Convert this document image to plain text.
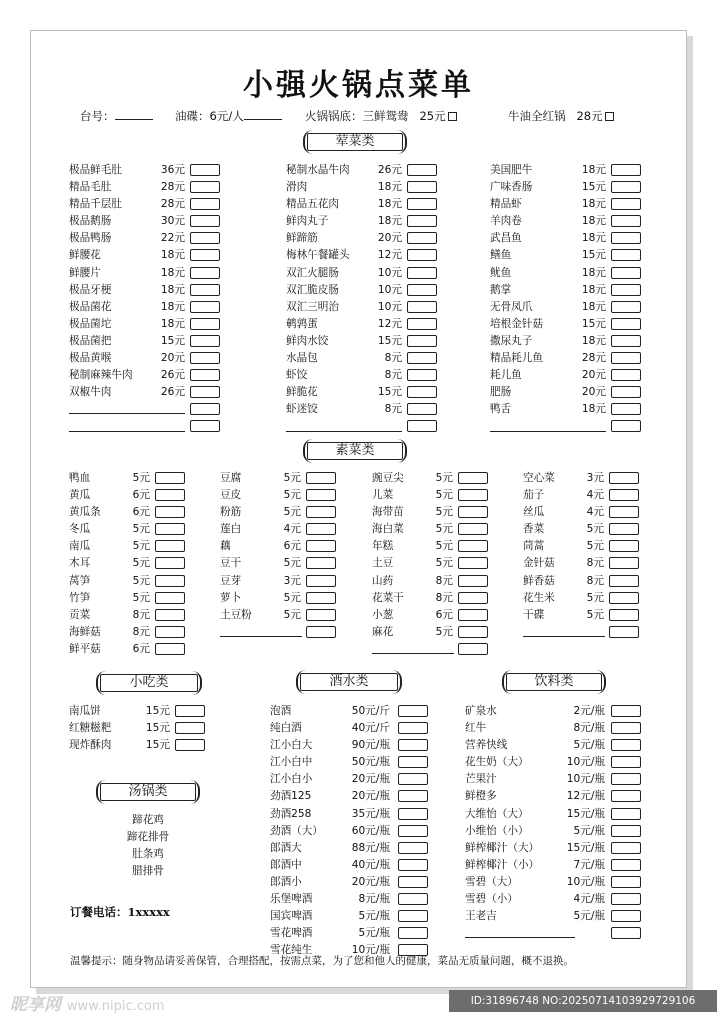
小强火锅点菜单
台号：	油碟：6元/人	火锅锅底：三鲜鸳鸯 25元	牛油全红锅 28元
荤菜类
素菜类
小吃类	酒水类	饮料类
汤锅类
极品鲜毛肚	36元
精品毛肚	28元
精品千层肚	28元
极品鹅肠	30元
极品鸭肠	22元
鲜腰花	18元
鲜腰片	18元
极品牙梗	18元
极品菌花	18元
极品菌坨	18元
极品菌把	15元
极品黄喉	20元
秘制麻辣牛肉	26元
双椒牛肉	26元
秘制水晶牛肉	26元
滑肉	18元
精品五花肉	18元
鲜肉丸子	18元
鲜蹄筋	20元
梅林午餐罐头	12元
双汇火腿肠	10元
双汇脆皮肠	10元
双汇三明治	10元
鹌鹑蛋	12元
鲜肉水饺	15元
水晶包	8元
虾饺	8元
鲜脆花	15元
虾迷饺	8元
美国肥牛	18元
广味香肠	15元
精品虾	18元
羊肉卷	18元
武昌鱼	18元
鳝鱼	15元
鱿鱼	18元
鹅掌	18元
无骨凤爪	18元
培根金针菇	15元
撒尿丸子	18元
精品耗儿鱼	28元
耗儿鱼	20元
肥肠	20元
鸭舌	18元
鸭血	5元
黄瓜	6元
黄瓜条	6元
冬瓜	5元
南瓜	5元
木耳	5元
莴笋	5元
竹笋	5元
贡菜	8元
海鲜菇	8元
鲜平菇	6元
豆腐	5元
豆皮	5元
粉筋	5元
莲白	4元
藕	6元
豆干	5元
豆芽	3元
萝卜	5元
土豆粉	5元
豌豆尖	5元
儿菜	5元
海带苗	5元
海白菜	5元
年糕	5元
土豆	5元
山药	8元
花菜干	8元
小葱	6元
麻花	5元
空心菜	3元
茄子	4元
丝瓜	4元
香菜	5元
茼蒿	5元
金针菇	8元
鲜香菇	8元
花生米	5元
干碟	5元
南瓜饼	15元
红糖糍粑	15元
现炸酥肉	15元
泡酒	50元/斤
纯白酒	40元/斤
江小白大	90元/瓶
江小白中	50元/瓶
江小白小	20元/瓶
劲酒125	20元/瓶
劲酒258	35元/瓶
劲酒（大）	60元/瓶
郎酒大	88元/瓶
郎酒中	40元/瓶
郎酒小	20元/瓶
乐堡啤酒	8元/瓶
国宾啤酒	5元/瓶
雪花啤酒	5元/瓶
雪花纯生	10元/瓶
矿泉水	2元/瓶
红牛	8元/瓶
营养快线	5元/瓶
花生奶（大）	10元/瓶
芒果汁	10元/瓶
鲜橙多	12元/瓶
大维怡（大）	15元/瓶
小维怡（小）	5元/瓶
鲜榨椰汁（大）	15元/瓶
鲜榨椰汁（小）	7元/瓶
雪碧（大）	10元/瓶
雪碧（小）	4元/瓶
王老吉	5元/瓶
蹄花鸡
蹄花排骨
肚条鸡
腊排骨
订餐电话：1xxxxx
温馨提示：随身物品请妥善保管，合理搭配，按需点菜，为了您和他人的健康，菜品无质量问题，概不退换。
昵享网 www.nipic.com	ID:31896748 NO:20250714103929729106
